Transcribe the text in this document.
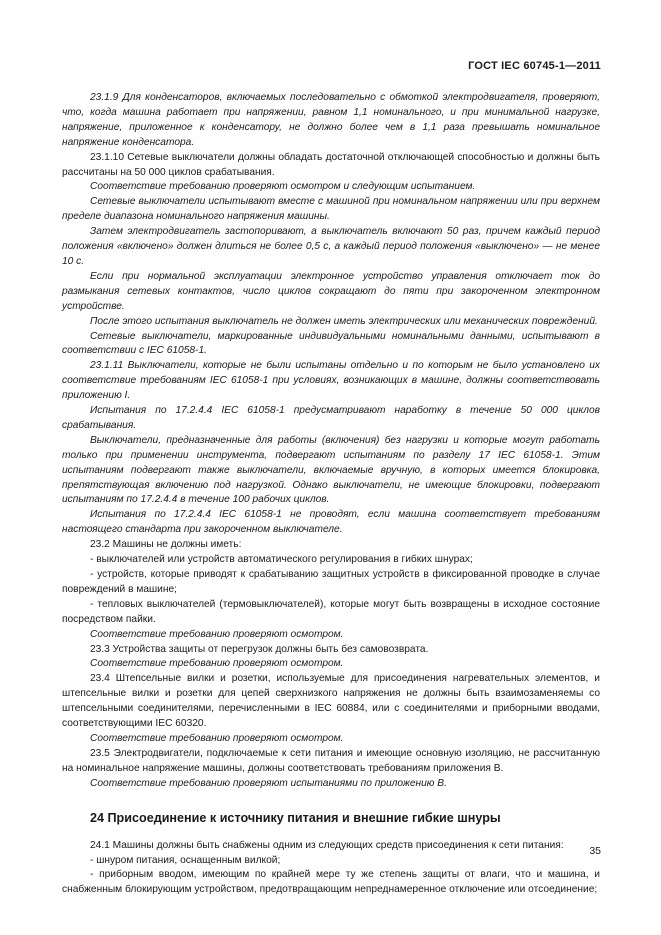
ГОСТ IEC 60745-1—2011

23.1.9 Для конденсаторов, включаемых последовательно с обмоткой электродвигателя, проверяют, что, когда машина работает при напряжении, равном 1,1 номинального, и при минимальной нагрузке, напряжение, приложенное к конденсатору, не должно более чем в 1,1 раза превышать номинальное напряжение конденсатора.

23.1.10 Сетевые выключатели должны обладать достаточной отключающей способностью и должны быть рассчитаны на 50 000 циклов срабатывания.

Соответствие требованию проверяют осмотром и следующим испытанием.

Сетевые выключатели испытывают вместе с машиной при номинальном напряжении или при верхнем пределе диапазона номинального напряжения машины.

Затем электродвигатель застопоривают, а выключатель включают 50 раз, причем каждый период положения «включено» должен длиться не более 0,5 с, а каждый период положения «выключено» — не менее 10 с.

Если при нормальной эксплуатации электронное устройство управления отключает ток до размыкания сетевых контактов, число циклов сокращают до пяти при закороченном электронном устройстве.

После этого испытания выключатель не должен иметь электрических или механических повреждений.

Сетевые выключатели, маркированные индивидуальными номинальными данными, испытывают в соответствии с IEC 61058-1.

23.1.11 Выключатели, которые не были испытаны отдельно и по которым не было установлено их соответствие требованиям IEC 61058-1 при условиях, возникающих в машине, должны соответствовать приложению I.

Испытания по 17.2.4.4 IEC 61058-1 предусматривают наработку в течение 50 000 циклов срабатывания.

Выключатели, предназначенные для работы (включения) без нагрузки и которые могут работать только при применении инструмента, подвергают испытаниям по разделу 17 IEC 61058-1. Этим испытаниям подвергают также выключатели, включаемые вручную, в которых имеется блокировка, препятствующая включению под нагрузкой. Однако выключатели, не имеющие блокировки, подвергают испытаниям по 17.2.4.4 в течение 100 рабочих циклов.

Испытания по 17.2.4.4 IEC 61058-1 не проводят, если машина соответствует требованиям настоящего стандарта при закороченном выключателе.

23.2 Машины не должны иметь:

- выключателей или устройств автоматического регулирования в гибких шнурах;

- устройств, которые приводят к срабатыванию защитных устройств в фиксированной проводке в случае повреждений в машине;

- тепловых выключателей (термовыключателей), которые могут быть возвращены в исходное состояние посредством пайки.

Соответствие требованию проверяют осмотром.

23.3 Устройства защиты от перегрузок должны быть без самовозврата.

Соответствие требованию проверяют осмотром.

23.4 Штепсельные вилки и розетки, используемые для присоединения нагревательных элементов, и штепсельные вилки и розетки для цепей сверхнизкого напряжения не должны быть взаимозаменяемы со штепсельными соединителями, перечисленными в IEC 60884, или с соединителями и приборными вводами, соответствующими IEC 60320.

Соответствие требованию проверяют осмотром.

23.5 Электродвигатели, подключаемые к сети питания и имеющие основную изоляцию, не рассчитанную на номинальное напряжение машины, должны соответствовать требованиям приложения В.

Соответствие требованию проверяют испытаниями по приложению В.

24 Присоединение к источнику питания и внешние гибкие шнуры

24.1 Машины должны быть снабжены одним из следующих средств присоединения к сети питания:

- шнуром питания, оснащенным вилкой;

- приборным вводом, имеющим по крайней мере ту же степень защиты от влаги, что и машина, и снабженным блокирующим устройством, предотвращающим непреднамеренное отключение или отсоединение;

35
